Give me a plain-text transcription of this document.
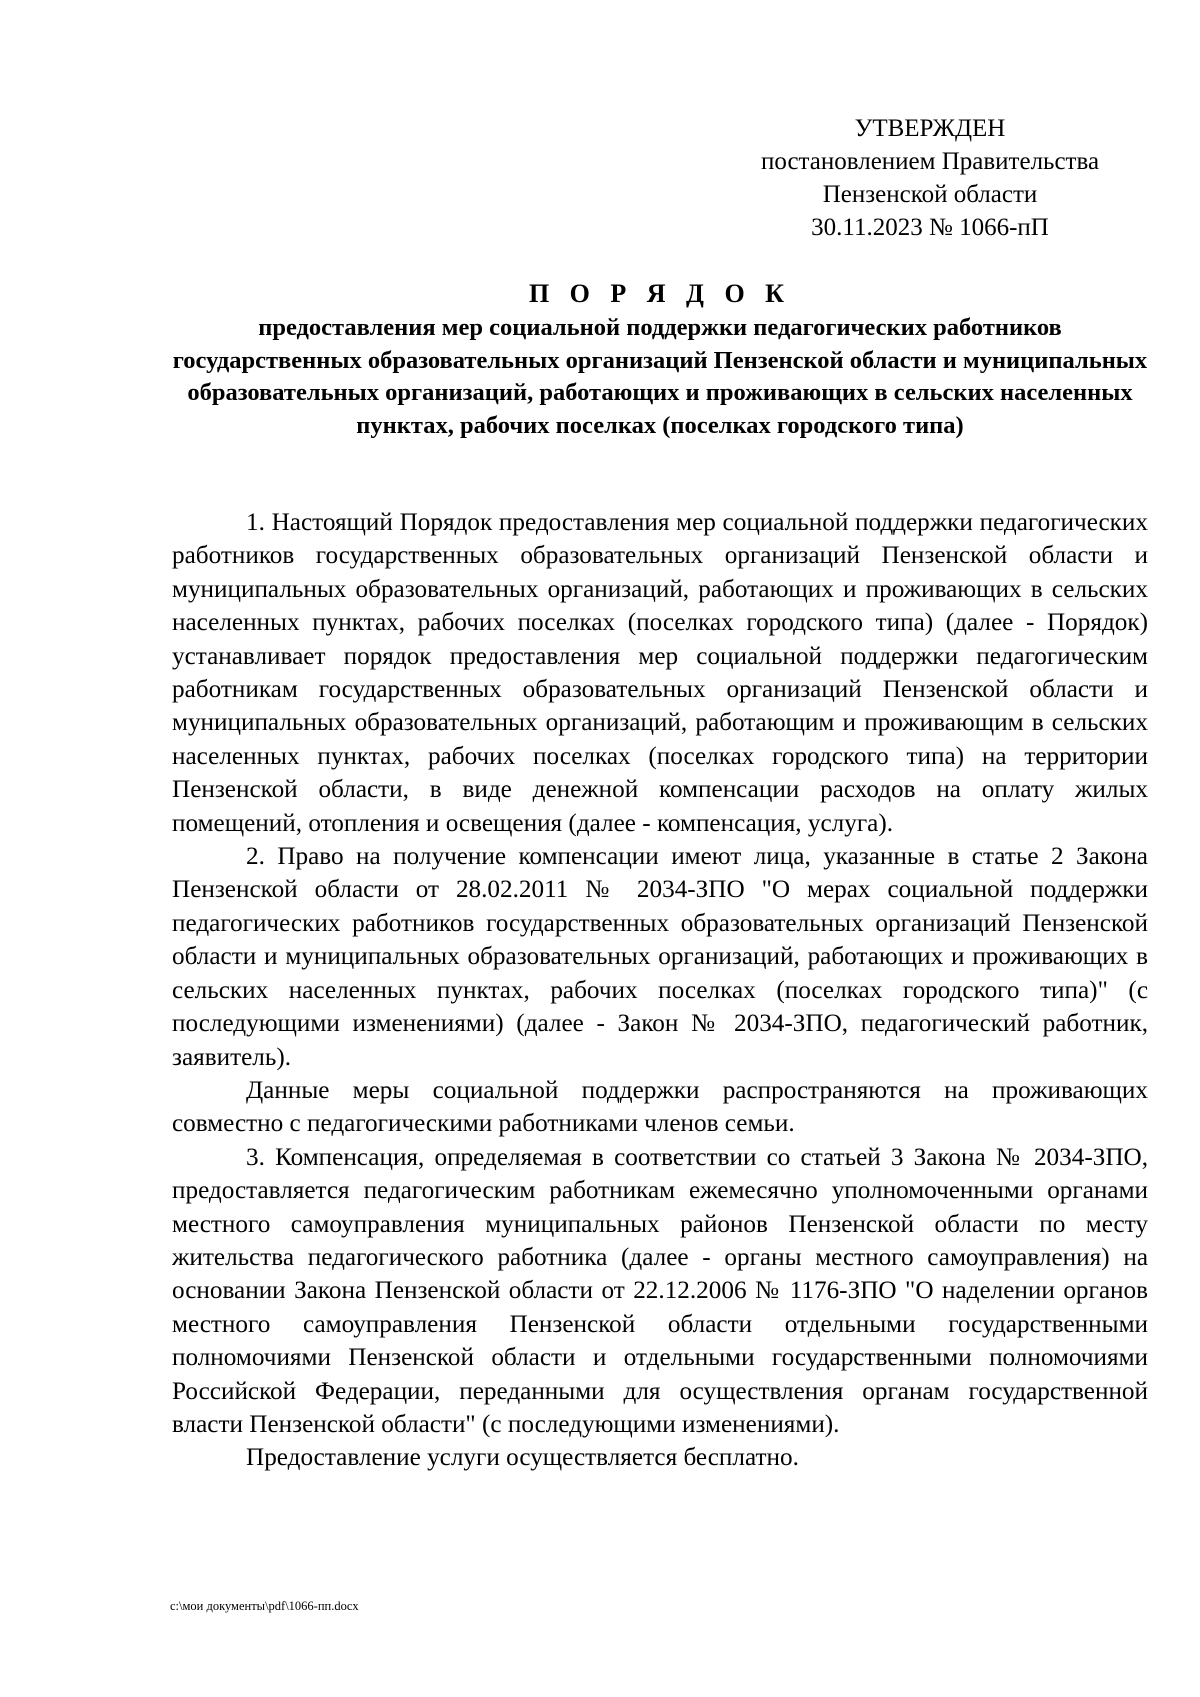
УТВЕРЖДЕН
постановлением Правительства
Пензенской области
30.11.2023 № 1066-пП
П О Р Я Д О К
предоставления мер социальной поддержки педагогических работников государственных образовательных организаций Пензенской области и муниципальных образовательных организаций, работающих и проживающих в сельских населенных пунктах, рабочих поселках (поселках городского типа)

1. Настоящий Порядок предоставления мер социальной поддержки педагогических работников государственных образовательных организаций Пензенской области и муниципальных образовательных организаций, работающих и проживающих в сельских населенных пунктах, рабочих поселках (поселках городского типа) (далее - Порядок) устанавливает порядок предоставления мер социальной поддержки педагогическим работникам государственных образовательных организаций Пензенской области и муниципальных образовательных организаций, работающим и проживающим в сельских населенных пунктах, рабочих поселках (поселках городского типа) на территории Пензенской области, в виде денежной компенсации расходов на оплату жилых помещений, отопления и освещения (далее - компенсация, услуга).

2. Право на получение компенсации имеют лица, указанные в статье 2 Закона Пензенской области от 28.02.2011 № 2034-ЗПО "О мерах социальной поддержки педагогических работников государственных образовательных организаций Пензенской области и муниципальных образовательных организаций, работающих и проживающих в сельских населенных пунктах, рабочих поселках (поселках городского типа)" (с последующими изменениями) (далее - Закон № 2034-ЗПО, педагогический работник, заявитель).

Данные меры социальной поддержки распространяются на проживающих совместно с педагогическими работниками членов семьи.

3. Компенсация, определяемая в соответствии со статьей 3 Закона № 2034-ЗПО, предоставляется педагогическим работникам ежемесячно уполномоченными органами местного самоуправления муниципальных районов Пензенской области по месту жительства педагогического работника (далее - органы местного самоуправления) на основании Закона Пензенской области от 22.12.2006 № 1176-ЗПО "О наделении органов местного самоуправления Пензенской области отдельными государственными полномочиями Пензенской области и отдельными государственными полномочиями Российской Федерации, переданными для осуществления органам государственной власти Пензенской области" (с последующими изменениями).

Предоставление услуги осуществляется бесплатно.

c:\мои документы\pdf\1066-пп.docx
